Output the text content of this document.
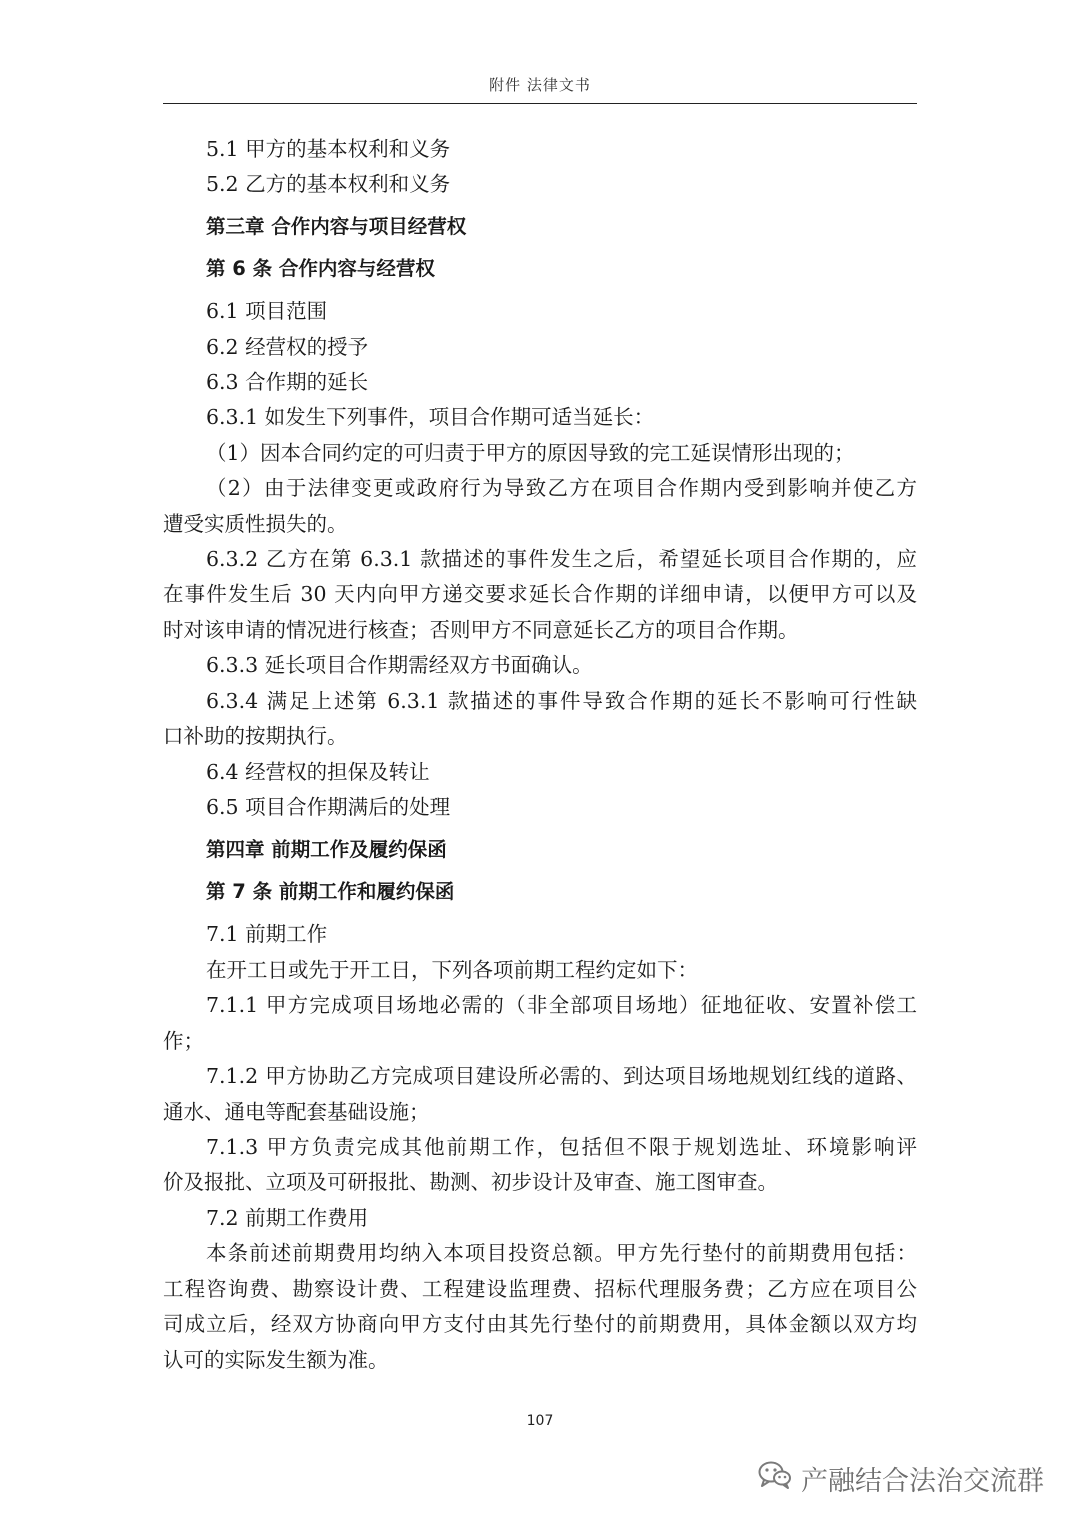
附件 法律文书
5.1 甲方的基本权利和义务
5.2 乙方的基本权利和义务
第三章 合作内容与项目经营权
第 6 条 合作内容与经营权
6.1 项目范围
6.2 经营权的授予
6.3 合作期的延长
6.3.1 如发生下列事件，项目合作期可适当延长：
（1）因本合同约定的可归责于甲方的原因导致的完工延误情形出现的；
（2）由于法律变更或政府行为导致乙方在项目合作期内受到影响并使乙方
遭受实质性损失的。
6.3.2 乙方在第 6.3.1 款描述的事件发生之后，希望延长项目合作期的，应
在事件发生后 30 天内向甲方递交要求延长合作期的详细申请，以便甲方可以及
时对该申请的情况进行核查；否则甲方不同意延长乙方的项目合作期。
6.3.3 延长项目合作期需经双方书面确认。
6.3.4 满足上述第 6.3.1 款描述的事件导致合作期的延长不影响可行性缺
口补助的按期执行。
6.4 经营权的担保及转让
6.5 项目合作期满后的处理
第四章 前期工作及履约保函
第 7 条 前期工作和履约保函
7.1 前期工作
在开工日或先于开工日，下列各项前期工程约定如下：
7.1.1 甲方完成项目场地必需的（非全部项目场地）征地征收、安置补偿工
作；
7.1.2 甲方协助乙方完成项目建设所必需的、到达项目场地规划红线的道路、
通水、通电等配套基础设施；
7.1.3 甲方负责完成其他前期工作，包括但不限于规划选址、环境影响评
价及报批、立项及可研报批、勘测、初步设计及审查、施工图审查。
7.2 前期工作费用
本条前述前期费用均纳入本项目投资总额。甲方先行垫付的前期费用包括：
工程咨询费、勘察设计费、工程建设监理费、招标代理服务费；乙方应在项目公
司成立后，经双方协商向甲方支付由其先行垫付的前期费用，具体金额以双方均
认可的实际发生额为准。
107
产融结合法治交流群
